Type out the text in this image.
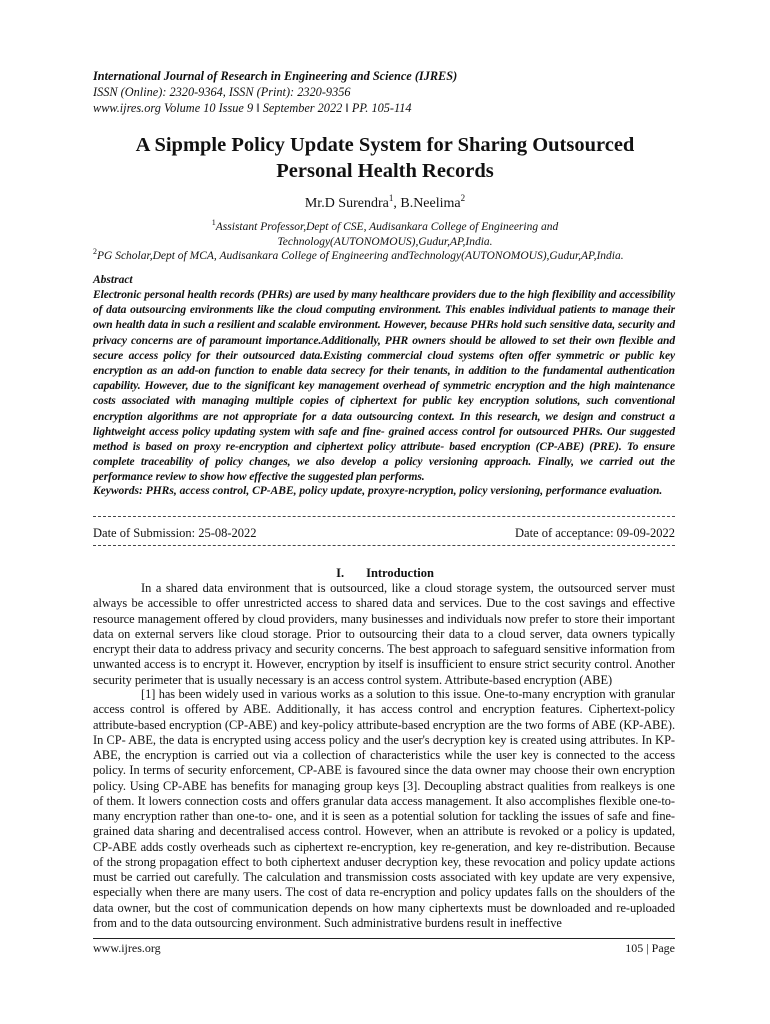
International Journal of Research in Engineering and Science (IJRES)
ISSN (Online): 2320-9364, ISSN (Print): 2320-9356
www.ijres.org Volume 10 Issue 9 ǁ September 2022 ǁ PP. 105-114
A Sipmple Policy Update System for Sharing Outsourced
Personal Health Records
Mr.D Surendra$^1$, B.Neelima$^2$
$^1$Assistant Professor,Dept of CSE, Audisankara College of Engineering and
Technology(AUTONOMOUS),Gudur,AP,India.
$^2$PG Scholar,Dept of MCA, Audisankara College of Engineering andTechnology(AUTONOMOUS),Gudur,AP,India.
Abstract
Electronic personal health records (PHRs) are used by many healthcare providers due to the high flexibility and accessibility of data outsourcing environments like the cloud computing environment. This enables individual patients to manage their own health data in such a resilient and scalable environment. However, because PHRs hold such sensitive data, security and privacy concerns are of paramount importance.Additionally, PHR owners should be allowed to set their own flexible and secure access policy for their outsourced data.Existing commercial cloud systems often offer symmetric or public key encryption as an add-on function to enable data secrecy for their tenants, in addition to the fundamental authentication capability. However, due to the significant key management overhead of symmetric encryption and the high maintenance costs associated with managing multiple copies of ciphertext for public key encryption solutions, such conventional encryption algorithms are not appropriate for a data outsourcing context. In this research, we design and construct a lightweight access policy updating system with safe and fine- grained access control for outsourced PHRs. Our suggested method is based on proxy re-encryption and ciphertext policy attribute- based encryption (CP-ABE) (PRE). To ensure complete traceability of policy changes, we also develop a policy versioning approach. Finally, we carried out the performance review to show how effective the suggested plan performs.
Keywords: PHRs, access control, CP-ABE, policy update, proxyre-ncryption, policy versioning, performance evaluation.
Date of Submission: 25-08-2022	Date of acceptance: 09-09-2022
I. Introduction
In a shared data environment that is outsourced, like a cloud storage system, the outsourced server must always be accessible to offer unrestricted access to shared data and services. Due to the cost savings and effective resource management offered by cloud providers, many businesses and individuals now prefer to store their important data on external servers like cloud storage. Prior to outsourcing their data to a cloud server, data owners typically encrypt their data to address privacy and security concerns. The best approach to safeguard sensitive information from unwanted access is to encrypt it. However, encryption by itself is insufficient to ensure strict security control. Another security perimeter that is usually necessary is an access control system. Attribute-based encryption (ABE)
[1] has been widely used in various works as a solution to this issue. One-to-many encryption with granular access control is offered by ABE. Additionally, it has access control and encryption features. Ciphertext-policy attribute-based encryption (CP-ABE) and key-policy attribute-based encryption are the two forms of ABE (KP-ABE). In CP- ABE, the data is encrypted using access policy and the user's decryption key is created using attributes. In KP-ABE, the encryption is carried out via a collection of characteristics while the user key is connected to the access policy. In terms of security enforcement, CP-ABE is favoured since the data owner may choose their own encryption policy. Using CP-ABE has benefits for managing group keys [3]. Decoupling abstract qualities from realkeys is one of them. It lowers connection costs and offers granular data access management. It also accomplishes flexible one-to-many encryption rather than one-to- one, and it is seen as a potential solution for tackling the issues of safe and fine- grained data sharing and decentralised access control. However, when an attribute is revoked or a policy is updated, CP-ABE adds costly overheads such as ciphertext re-encryption, key re-generation, and key re-distribution. Because of the strong propagation effect to both ciphertext anduser decryption key, these revocation and policy update actions must be carried out carefully. The calculation and transmission costs associated with key update are very expensive, especially when there are many users. The cost of data re-encryption and policy updates falls on the shoulders of the data owner, but the cost of communication depends on how many ciphertexts must be downloaded and re-uploaded from and to the data outsourcing environment. Such administrative burdens result in ineffective
www.ijres.org	105 | Page
